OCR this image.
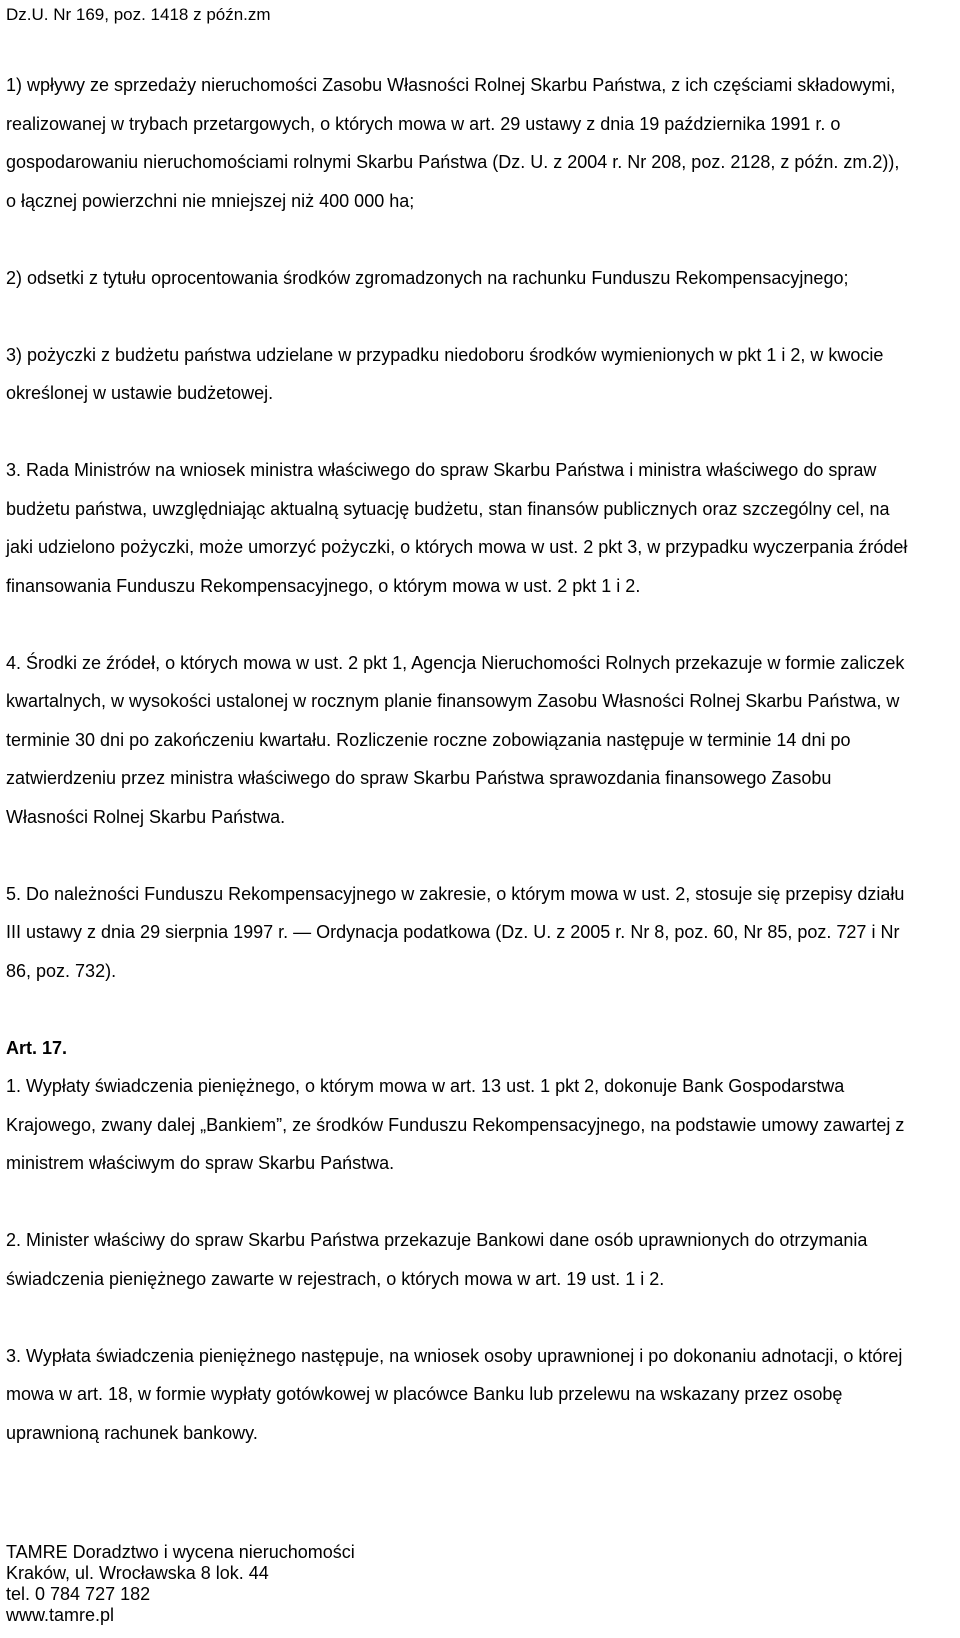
Dz.U. Nr 169, poz. 1418 z późn.zm

1) wpływy ze sprzedaży nieruchomości Zasobu Własności Rolnej Skarbu Państwa, z ich częściami składowymi, realizowanej w trybach przetargowych, o których mowa w art. 29 ustawy z dnia 19 października 1991 r. o gospodarowaniu nieruchomościami rolnymi Skarbu Państwa (Dz. U. z 2004 r. Nr 208, poz. 2128, z późn. zm.2)), o łącznej powierzchni nie mniejszej niż 400 000 ha;

2) odsetki z tytułu oprocentowania środków zgromadzonych na rachunku Funduszu Rekompensacyjnego;

3) pożyczki z budżetu państwa udzielane w przypadku niedoboru środków wymienionych w pkt 1 i 2, w kwocie określonej w ustawie budżetowej.

3. Rada Ministrów na wniosek ministra właściwego do spraw Skarbu Państwa i ministra właściwego do spraw budżetu państwa, uwzględniając aktualną sytuację budżetu, stan finansów publicznych oraz szczególny cel, na jaki udzielono pożyczki, może umorzyć pożyczki, o których mowa w ust. 2 pkt 3, w przypadku wyczerpania źródeł finansowania Funduszu Rekompensacyjnego, o którym mowa w ust. 2 pkt 1 i 2.

4. Środki ze źródeł, o których mowa w ust. 2 pkt 1, Agencja Nieruchomości Rolnych przekazuje w formie zaliczek kwartalnych, w wysokości ustalonej w rocznym planie finansowym Zasobu Własności Rolnej Skarbu Państwa, w terminie 30 dni po zakończeniu kwartału. Rozliczenie roczne zobowiązania następuje w terminie 14 dni po zatwierdzeniu przez ministra właściwego do spraw Skarbu Państwa sprawozdania finansowego Zasobu Własności Rolnej Skarbu Państwa.

5. Do należności Funduszu Rekompensacyjnego w zakresie, o którym mowa w ust. 2, stosuje się przepisy działu III ustawy z dnia 29 sierpnia 1997 r. — Ordynacja podatkowa (Dz. U. z 2005 r. Nr 8, poz. 60, Nr 85, poz. 727 i Nr 86, poz. 732).

Art. 17.

1. Wypłaty świadczenia pieniężnego, o którym mowa w art. 13 ust. 1 pkt 2, dokonuje Bank Gospodarstwa Krajowego, zwany dalej „Bankiem”, ze środków Funduszu Rekompensacyjnego, na podstawie umowy zawartej z ministrem właściwym do spraw Skarbu Państwa.

2. Minister właściwy do spraw Skarbu Państwa przekazuje Bankowi dane osób uprawnionych do otrzymania świadczenia pieniężnego zawarte w rejestrach, o których mowa w art. 19 ust. 1 i 2.

3. Wypłata świadczenia pieniężnego następuje, na wniosek osoby uprawnionej i po dokonaniu adnotacji, o której mowa w art. 18, w formie wypłaty gotówkowej w placówce Banku lub przelewu na wskazany przez osobę uprawnioną rachunek bankowy.

TAMRE Doradztwo i wycena nieruchomości
Kraków, ul. Wrocławska 8 lok. 44
tel. 0 784 727 182
www.tamre.pl
